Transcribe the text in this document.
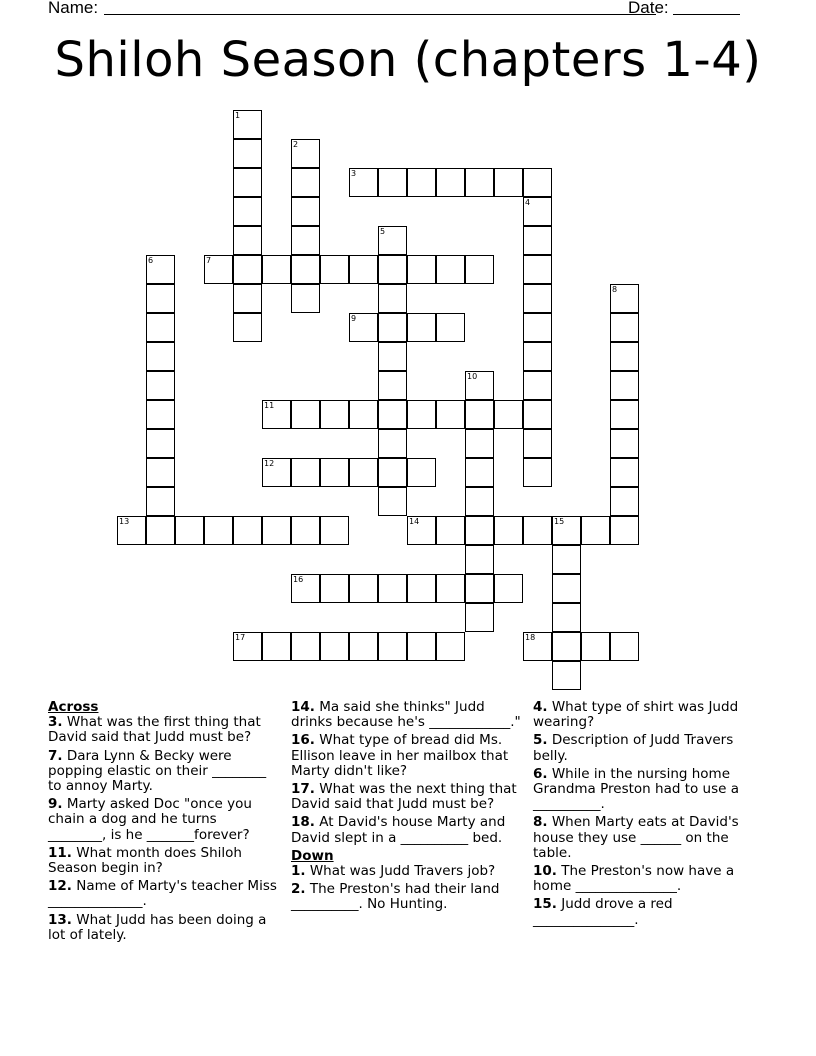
Name:	Date:
Shiloh Season (chapters 1-4)
1
2
3
4
5
6	7
8
9
10
11
12
13	14	15
16
17	18
Across
3. What was the first thing that David said that Judd must be?
7. Dara Lynn & Becky were popping elastic on their ________ to annoy Marty.
9. Marty asked Doc "once you chain a dog and he turns ________, is he _______forever?
11. What month does Shiloh Season begin in?
12. Name of Marty's teacher Miss ______________.
13. What Judd has been doing a lot of lately.
14. Ma said she thinks" Judd drinks because he's ____________."
16. What type of bread did Ms. Ellison leave in her mailbox that Marty didn't like?
17. What was the next thing that David said that Judd must be?
18. At David's house Marty and David slept in a __________ bed.
Down
1. What was Judd Travers job?
2. The Preston's had their land __________. No Hunting.
4. What type of shirt was Judd wearing?
5. Description of Judd Travers belly.
6. While in the nursing home Grandma Preston had to use a __________.
8. When Marty eats at David's house they use ______ on the table.
10. The Preston's now have a home _______________.
15. Judd drove a red _______________.
